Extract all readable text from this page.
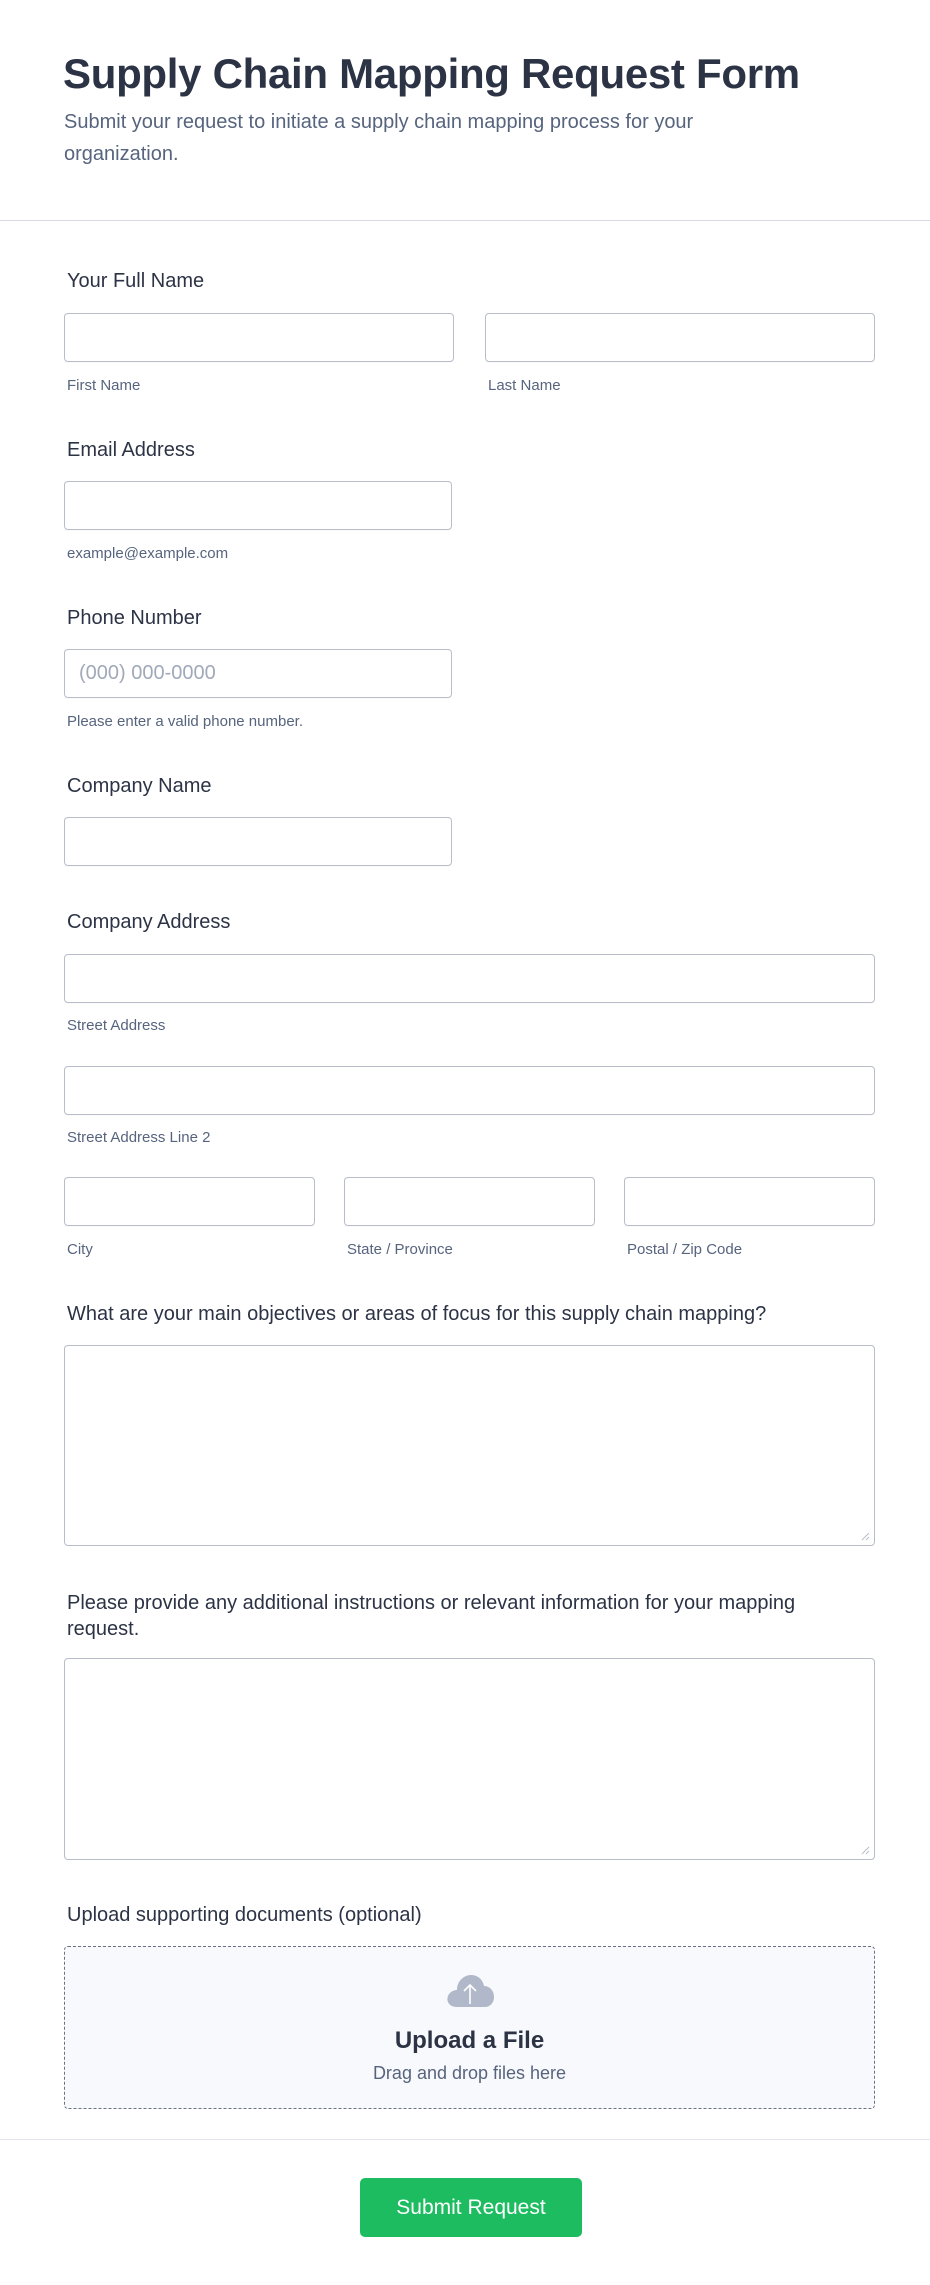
Supply Chain Mapping Request Form

Submit your request to initiate a supply chain mapping process for your organization.

Your Full Name
First Name	Last Name
Email Address
example@example.com
Phone Number
(000) 000-0000
Please enter a valid phone number.
Company Name
Company Address
Street Address
Street Address Line 2
City	State / Province	Postal / Zip Code
What are your main objectives or areas of focus for this supply chain mapping?
Please provide any additional instructions or relevant information for your mapping request.
Upload supporting documents (optional)
Upload a File
Drag and drop files here
Submit Request
